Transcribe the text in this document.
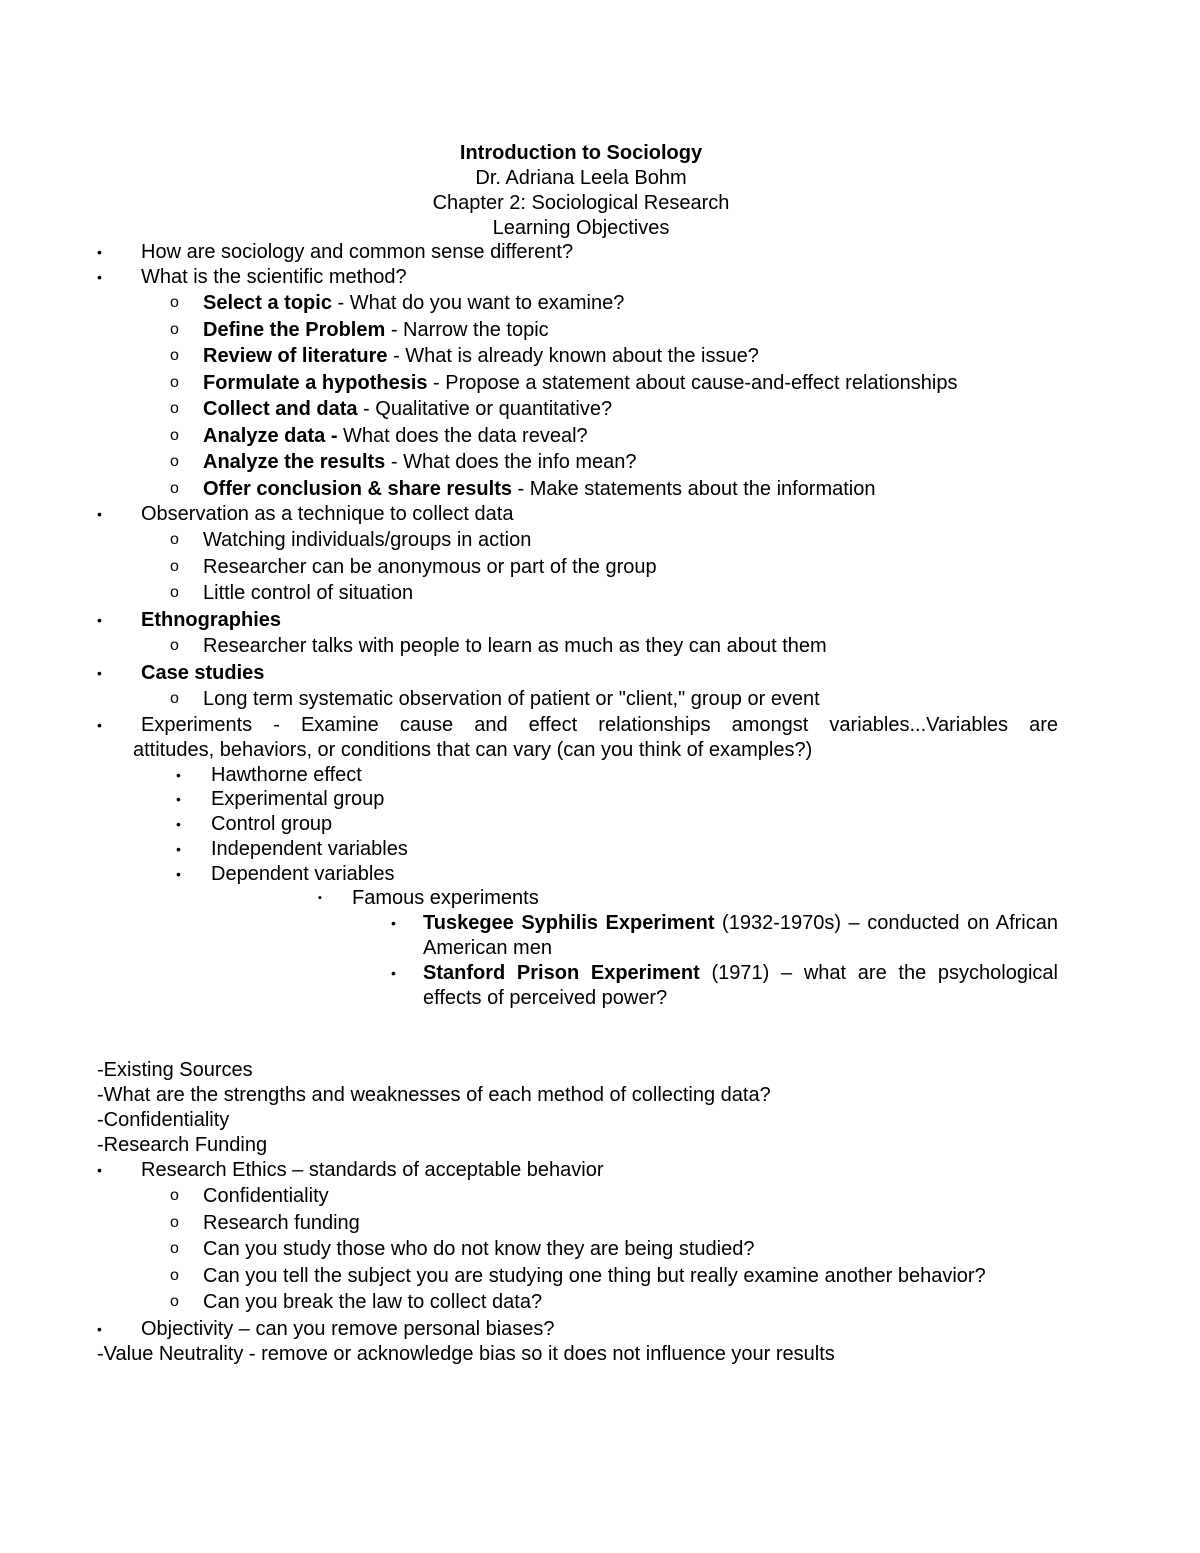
Introduction to Sociology
Dr. Adriana Leela Bohm
Chapter 2: Sociological Research
Learning Objectives
• How are sociology and common sense different?
• What is the scientific method?
o Select a topic - What do you want to examine?
o Define the Problem - Narrow the topic
o Review of literature - What is already known about the issue?
o Formulate a hypothesis - Propose a statement about cause-and-effect relationships
o Collect and data - Qualitative or quantitative?
o Analyze data - What does the data reveal?
o Analyze the results - What does the info mean?
o Offer conclusion & share results - Make statements about the information
• Observation as a technique to collect data
o Watching individuals/groups in action
o Researcher can be anonymous or part of the group
o Little control of situation
• Ethnographies
o Researcher talks with people to learn as much as they can about them
• Case studies
o Long term systematic observation of patient or "client," group or event
•	Experiments - Examine cause and effect relationships amongst variables...Variables are
attitudes, behaviors, or conditions that can vary (can you think of examples?)
• Hawthorne effect
• Experimental group
• Control group
• Independent variables
• Dependent variables
▪ Famous experiments
• Tuskegee Syphilis Experiment (1932-1970s) – conducted on African American men
• Stanford Prison Experiment (1971) – what are the psychological effects of perceived power?
-Existing Sources
-What are the strengths and weaknesses of each method of collecting data?
-Confidentiality
-Research Funding
• Research Ethics – standards of acceptable behavior
o Confidentiality
o Research funding
o Can you study those who do not know they are being studied?
o Can you tell the subject you are studying one thing but really examine another behavior?
o Can you break the law to collect data?
• Objectivity – can you remove personal biases?
-Value Neutrality - remove or acknowledge bias so it does not influence your results
